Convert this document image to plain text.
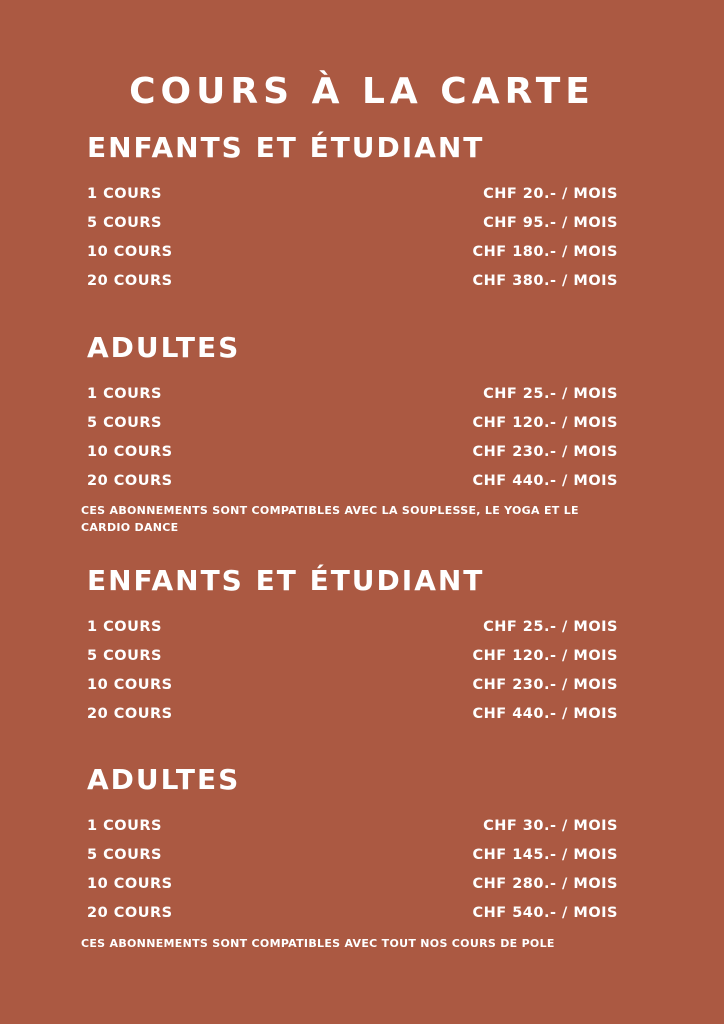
COURS À LA CARTE
ENFANTS ET ÉTUDIANT
1 COURS	CHF 20.- / MOIS
5 COURS	CHF 95.- / MOIS
10 COURS	CHF 180.- / MOIS
20 COURS	CHF 380.- / MOIS
ADULTES
1 COURS	CHF 25.- / MOIS
5 COURS	CHF 120.- / MOIS
10 COURS	CHF 230.- / MOIS
20 COURS	CHF 440.- / MOIS
CES ABONNEMENTS SONT COMPATIBLES AVEC LA SOUPLESSE, LE YOGA ET LE CARDIO DANCE
ENFANTS ET ÉTUDIANT
1 COURS	CHF 25.- / MOIS
5 COURS	CHF 120.- / MOIS
10 COURS	CHF 230.- / MOIS
20 COURS	CHF 440.- / MOIS
ADULTES
1 COURS	CHF 30.- / MOIS
5 COURS	CHF 145.- / MOIS
10 COURS	CHF 280.- / MOIS
20 COURS	CHF 540.- / MOIS
CES ABONNEMENTS SONT COMPATIBLES AVEC TOUT NOS COURS DE POLE
